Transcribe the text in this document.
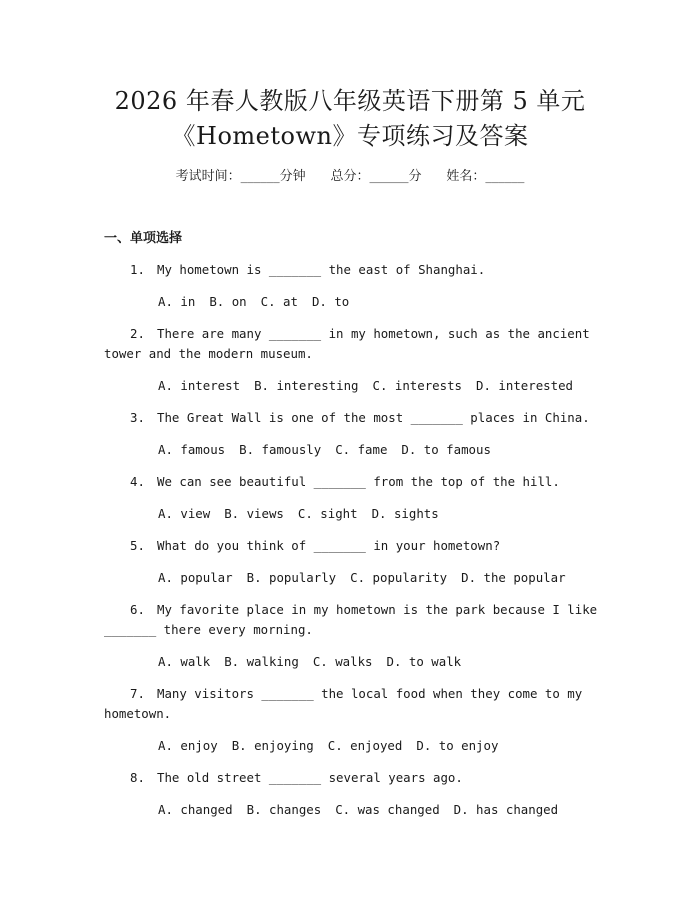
2026 年春人教版八年级英语下册第 5 单元
《Hometown》专项练习及答案
考试时间：______分钟 总分：______分 姓名：______
一、单项选择
1. My hometown is _______ the east of Shanghai.
A. in B. on C. at D. to
2. There are many _______ in my hometown, such as the ancient tower and the modern museum.
A. interest B. interesting C. interests D. interested
3. The Great Wall is one of the most _______ places in China.
A. famous B. famously C. fame D. to famous
4. We can see beautiful _______ from the top of the hill.
A. view B. views C. sight D. sights
5. What do you think of _______ in your hometown?
A. popular B. popularly C. popularity D. the popular
6. My favorite place in my hometown is the park because I like _______ there every morning.
A. walk B. walking C. walks D. to walk
7. Many visitors _______ the local food when they come to my hometown.
A. enjoy B. enjoying C. enjoyed D. to enjoy
8. The old street _______ several years ago.
A. changed B. changes C. was changed D. has changed
